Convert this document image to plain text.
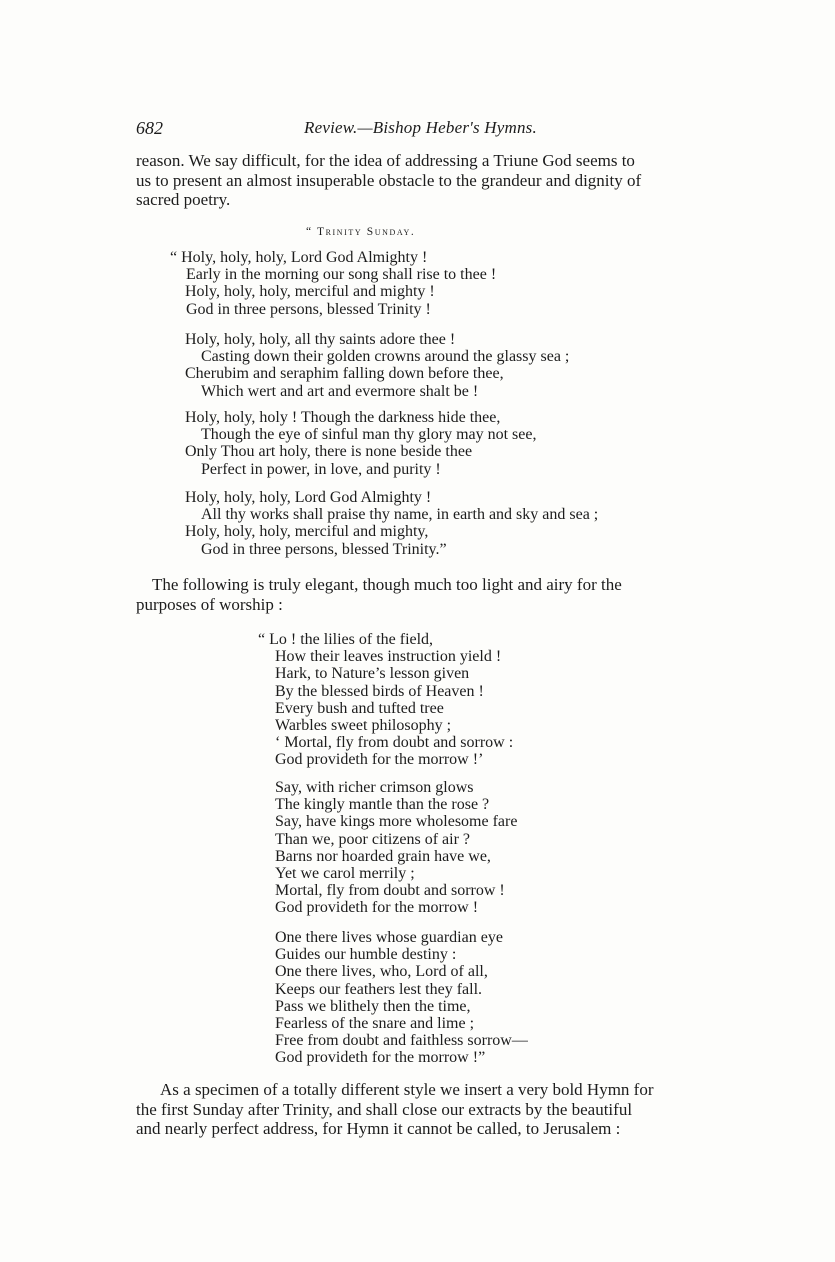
682	Review.—Bishop Heber's Hymns.

reason. We say difficult, for the idea of addressing a Triune God seems to
us to present an almost insuperable obstacle to the grandeur and dignity of
sacred poetry.

“ Trinity Sunday.
“ Holy, holy, holy, Lord God Almighty !
Early in the morning our song shall rise to thee !
Holy, holy, holy, merciful and mighty !
God in three persons, blessed Trinity !
Holy, holy, holy, all thy saints adore thee !
Casting down their golden crowns around the glassy sea ;
Cherubim and seraphim falling down before thee,
Which wert and art and evermore shalt be !
Holy, holy, holy ! Though the darkness hide thee,
Though the eye of sinful man thy glory may not see,
Only Thou art holy, there is none beside thee
Perfect in power, in love, and purity !
Holy, holy, holy, Lord God Almighty !
All thy works shall praise thy name, in earth and sky and sea ;
Holy, holy, holy, merciful and mighty,
God in three persons, blessed Trinity.”

The following is truly elegant, though much too light and airy for the
purposes of worship :

“ Lo ! the lilies of the field,
How their leaves instruction yield !
Hark, to Nature’s lesson given
By the blessed birds of Heaven !
Every bush and tufted tree
Warbles sweet philosophy ;
‘ Mortal, fly from doubt and sorrow :
God provideth for the morrow !’
Say, with richer crimson glows
The kingly mantle than the rose ?
Say, have kings more wholesome fare
Than we, poor citizens of air ?
Barns nor hoarded grain have we,
Yet we carol merrily ;
Mortal, fly from doubt and sorrow !
God provideth for the morrow !
One there lives whose guardian eye
Guides our humble destiny :
One there lives, who, Lord of all,
Keeps our feathers lest they fall.
Pass we blithely then the time,
Fearless of the snare and lime ;
Free from doubt and faithless sorrow—
God provideth for the morrow !”

As a specimen of a totally different style we insert a very bold Hymn for
the first Sunday after Trinity, and shall close our extracts by the beautiful
and nearly perfect address, for Hymn it cannot be called, to Jerusalem :
